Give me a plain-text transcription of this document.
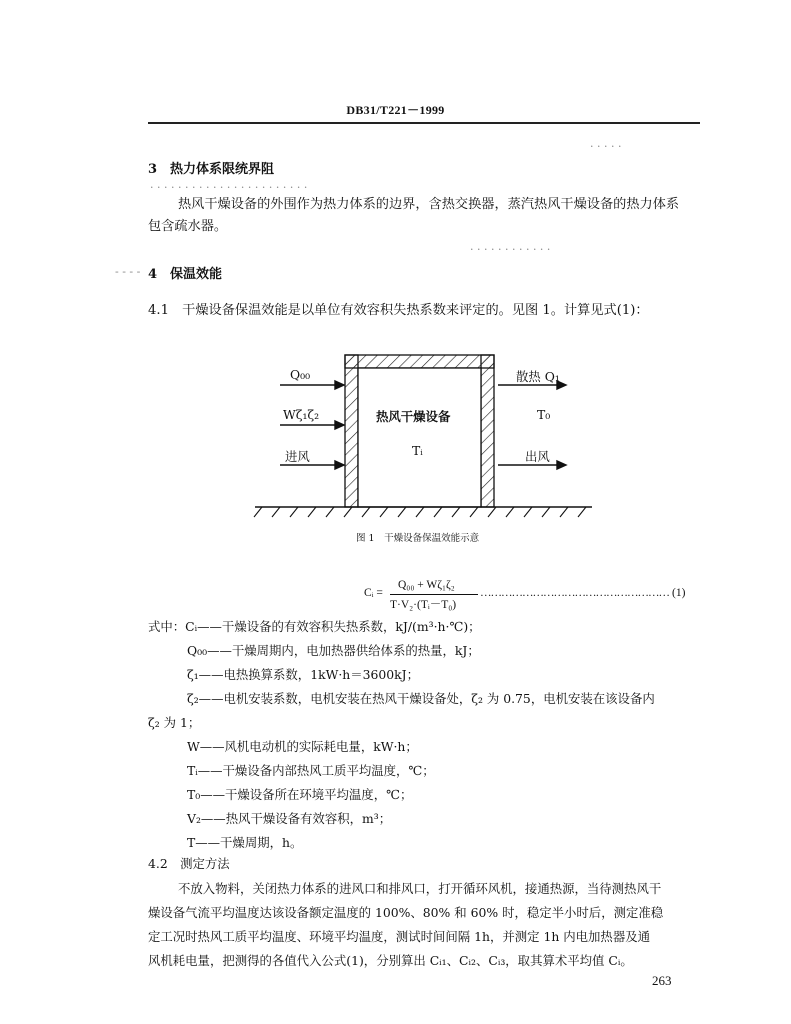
DB31/T221－1999
· · · · ·
· · · · · · · · · · · · · · · · · · · · · · ·
· · · · · · · · · · · ·
- - - -
3　热力体系限统界阻
热风干燥设备的外围作为热力体系的边界，含热交换器，蒸汽热风干燥设备的热力体系
包含疏水器。
4　保温效能
4.1　干燥设备保温效能是以单位有效容积失热系数来评定的。见图 1。计算见式(1)：
Q₀₀
Wζ₁ζ₂
进风
散热 Q₁
T₀
出风
热风干燥设备
Tᵢ
图 1　干燥设备保温效能示意
Cᵢ =
Q₀₀ + Wζ₁ζ₂
T·V₂·(Tᵢ－T₀)
……………………………………………… (1)
式中：Cᵢ——干燥设备的有效容积失热系数，kJ/(m³·h·℃)；
Q₀₀——干燥周期内，电加热器供给体系的热量，kJ；
ζ₁——电热换算系数，1kW·h＝3600kJ；
ζ₂——电机安装系数，电机安装在热风干燥设备处，ζ₂ 为 0.75，电机安装在该设备内
ζ₂ 为 1；
W——风机电动机的实际耗电量，kW·h；
Tᵢ——干燥设备内部热风工质平均温度，℃；
T₀——干燥设备所在环境平均温度，℃；
V₂——热风干燥设备有效容积，m³；
T——干燥周期，h。
4.2　测定方法
不放入物料，关闭热力体系的进风口和排风口，打开循环风机，接通热源，当待测热风干
燥设备气流平均温度达该设备额定温度的 100%、80% 和 60% 时，稳定半小时后，测定准稳
定工况时热风工质平均温度、环境平均温度，测试时间间隔 1h，并测定 1h 内电加热器及通
风机耗电量，把测得的各值代入公式(1)，分别算出 Cᵢ₁、Cᵢ₂、Cᵢ₃，取其算术平均值 Cᵢ。
263
